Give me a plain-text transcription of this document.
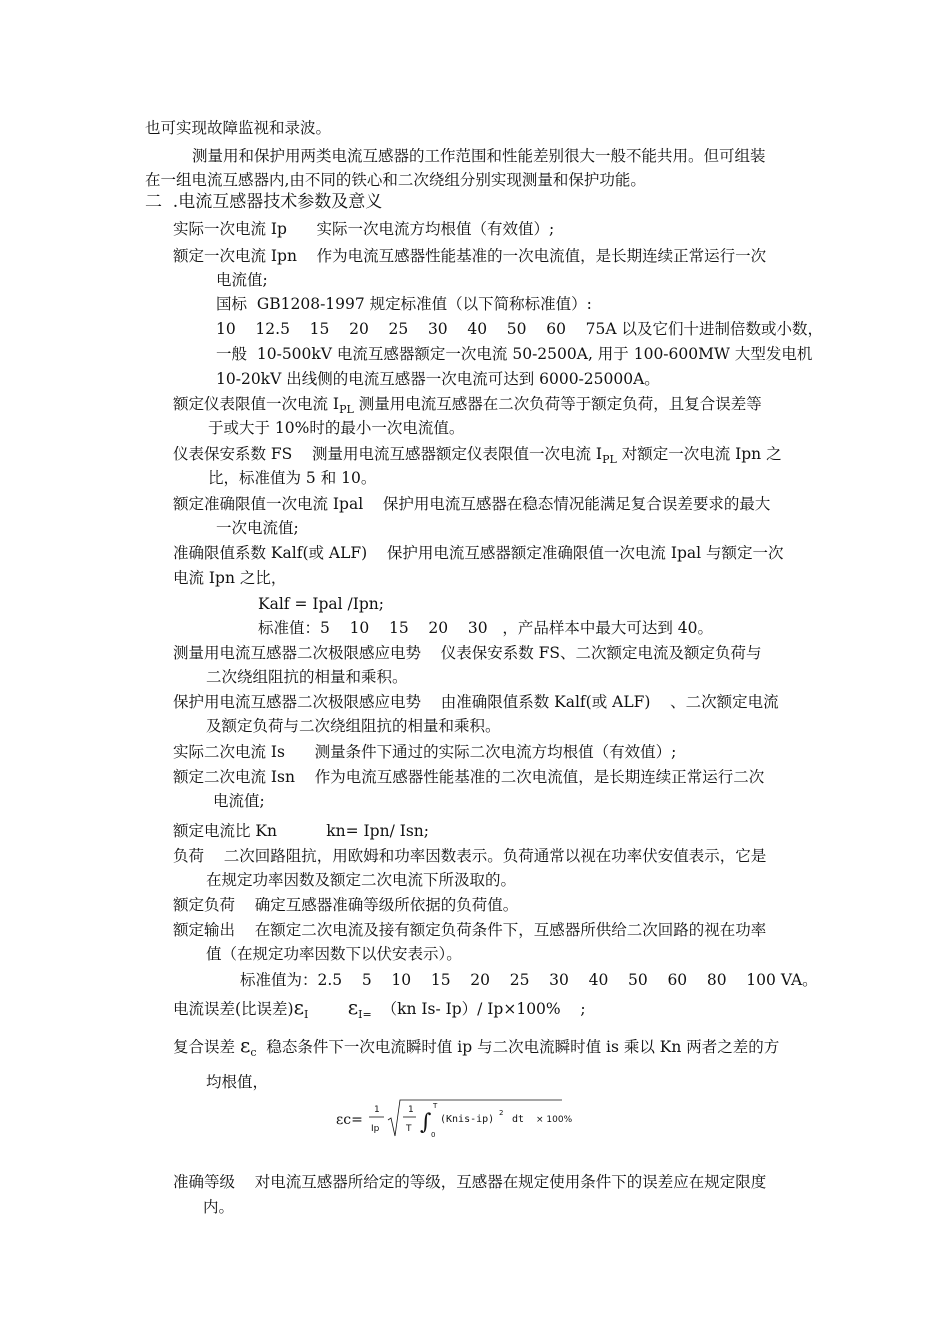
也可实现故障监视和录波。
测量用和保护用两类电流互感器的工作范围和性能差别很大一般不能共用。但可组装
在一组电流互感器内,由不同的铁心和二次绕组分别实现测量和保护功能。
二  .电流互感器技术参数及意义
实际一次电流 Ip      实际一次电流方均根值（有效值）;
额定一次电流 Ipn    作为电流互感器性能基准的一次电流值，是长期连续正常运行一次
电流值;
国标  GB1208-1997 规定标准值（以下简称标准值）:
10    12.5    15    20    25    30    40    50    60    75A 以及它们十进制倍数或小数，
一般  10-500kV 电流互感器额定一次电流 50-2500A, 用于 100-600MW 大型发电机
10-20kV 出线侧的电流互感器一次电流可达到 6000-25000A。
额定仪表限值一次电流 $I_{PL}$ 测量用电流互感器在二次负荷等于额定负荷，且复合误差等
于或大于 10%时的最小一次电流值。
仪表保安系数 FS    测量用电流互感器额定仪表限值一次电流 $I_{PL}$ 对额定一次电流 Ipn 之
比，标准值为 5 和 10。
额定准确限值一次电流 Ipal    保护用电流互感器在稳态情况能满足复合误差要求的最大
一次电流值;
准确限值系数 Kalf(或 ALF)    保护用电流互感器额定准确限值一次电流 Ipal 与额定一次
电流 Ipn 之比，
Kalf = Ipal /Ipn;
标准值：5    10    15    20    30   ，产品样本中最大可达到 40。
测量用电流互感器二次极限感应电势    仪表保安系数 FS、二次额定电流及额定负荷与
二次绕组阻抗的相量和乘积。
保护用电流互感器二次极限感应电势    由准确限值系数 Kalf(或 ALF)    、二次额定电流
及额定负荷与二次绕组阻抗的相量和乘积。
实际二次电流 Is      测量条件下通过的实际二次电流方均根值（有效值）;
额定二次电流 Isn    作为电流互感器性能基准的二次电流值，是长期连续正常运行二次
电流值;
额定电流比 Kn          kn= Ipn/ Isn;
负荷    二次回路阻抗，用欧姆和功率因数表示。负荷通常以视在功率伏安值表示，它是
在规定功率因数及额定二次电流下所汲取的。
额定负荷    确定互感器准确等级所依据的负荷值。
额定输出    在额定二次电流及接有额定负荷条件下，互感器所供给二次回路的视在功率
值（在规定功率因数下以伏安表示）。
标准值为：2.5    5    10    15    20    25    30    40    50    60    80    100 VA。
电流误差(比误差)$\varepsilon_I$ $\varepsilon_{I=}$ （kn Is- Ip）/ Ip×100%    ;
复合误差 $\varepsilon_c$  稳态条件下一次电流瞬时值 ip 与二次电流瞬时值 is 乘以 Kn 两者之差的方
均根值，
εc=
1
Ip
1
T ∫
T
0
(Knis-ip)
2
dt × 100%
准确等级    对电流互感器所给定的等级，互感器在规定使用条件下的误差应在规定限度
内。
